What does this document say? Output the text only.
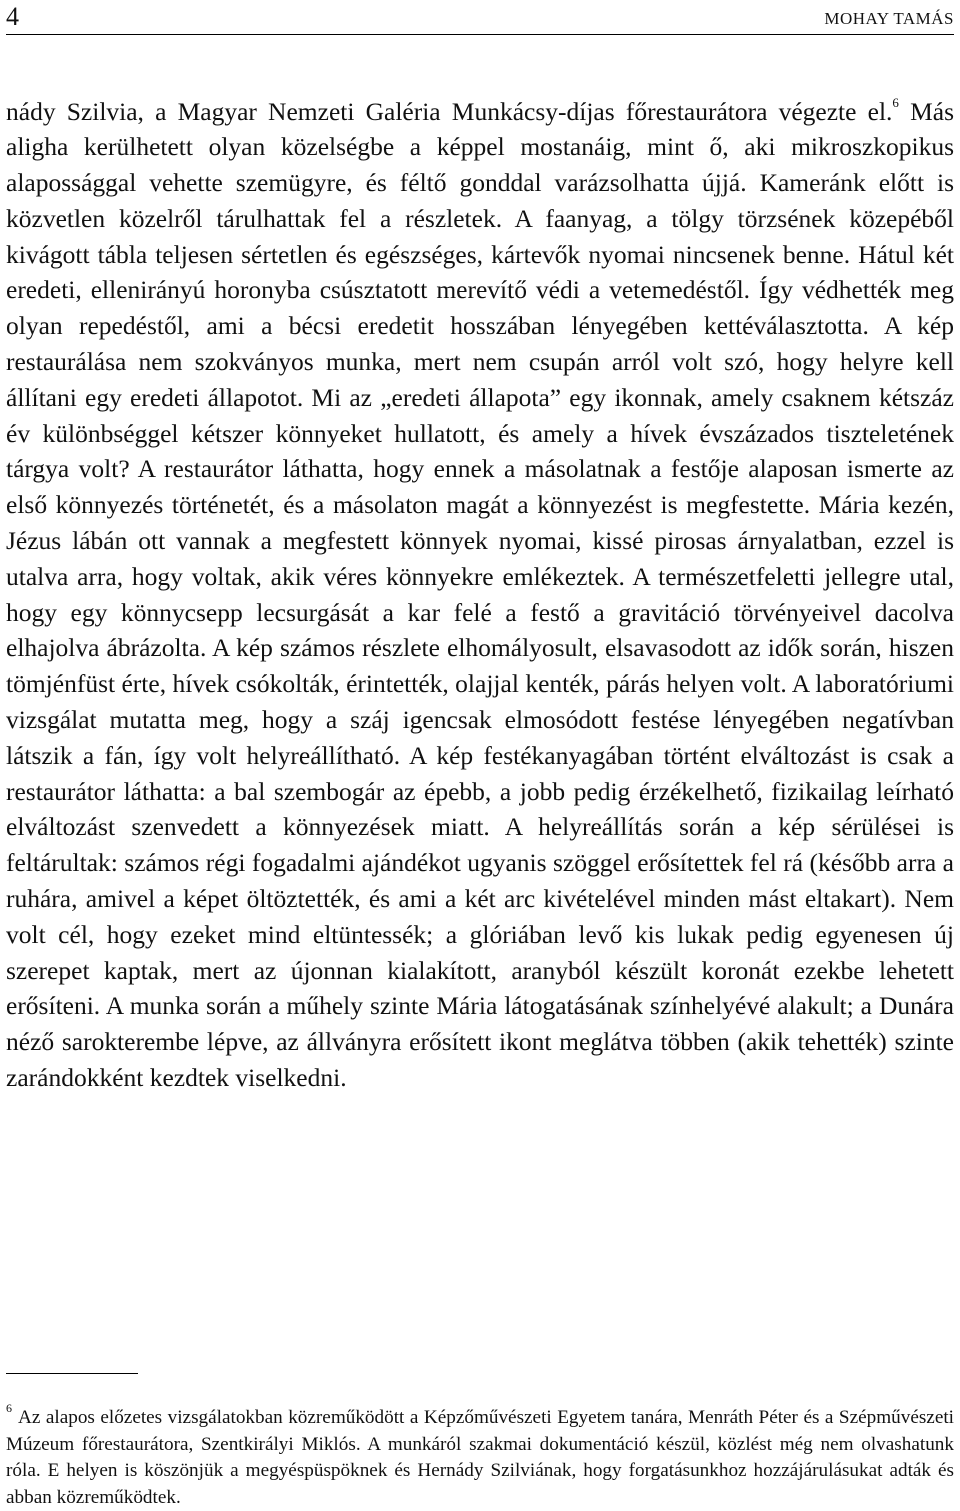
4	MOHAY TAMÁS

nády Szilvia, a Magyar Nemzeti Galéria Munkácsy-díjas főrestaurátora végezte el.$^6$ Más aligha kerülhetett olyan közelségbe a képpel mostanáig, mint ő, aki mikroszkopikus alapossággal vehette szemügyre, és féltő gonddal varázsolhatta újjá. Kameránk előtt is közvetlen közelről tárulhattak fel a részletek. A faanyag, a tölgy törzsének közepéből kivágott tábla teljesen sértetlen és egészséges, kártevők nyomai nincsenek benne. Hátul két eredeti, ellenirányú horonyba csúsztatott merevítő védi a vetemedéstől. Így védhették meg olyan repedéstől, ami a bécsi eredetit hosszában lényegében kettéválasztotta. A kép restaurálása nem szokványos munka, mert nem csupán arról volt szó, hogy helyre kell állítani egy eredeti állapotot. Mi az „eredeti állapota” egy ikonnak, amely csaknem kétszáz év különbséggel kétszer könnyeket hullatott, és amely a hívek évszázados tiszteletének tárgya volt? A restaurátor láthatta, hogy ennek a másolatnak a festője alaposan ismerte az első könnyezés történetét, és a másolaton magát a könnyezést is megfestette. Mária kezén, Jézus lábán ott vannak a megfestett könnyek nyomai, kissé pirosas árnyalatban, ezzel is utalva arra, hogy voltak, akik véres könnyekre emlékeztek. A természetfeletti jellegre utal, hogy egy könnycsepp lecsurgását a kar felé a festő a gravitáció törvényeivel dacolva elhajolva ábrázolta. A kép számos részlete elhomályosult, elsavasodott az idők során, hiszen tömjénfüst érte, hívek csókolták, érintették, olajjal kenték, párás helyen volt. A laboratóriumi vizsgálat mutatta meg, hogy a száj igencsak elmosódott festése lényegében negatívban látszik a fán, így volt helyreállítható. A kép festékanyagában történt elváltozást is csak a restaurátor láthatta: a bal szembogár az épebb, a jobb pedig érzékelhető, fizikailag leírható elváltozást szenvedett a könnyezések miatt. A helyreállítás során a kép sérülései is feltárultak: számos régi fogadalmi ajándékot ugyanis szöggel erősítettek fel rá (később arra a ruhára, amivel a képet öltöztették, és ami a két arc kivételével minden mást eltakart). Nem volt cél, hogy ezeket mind eltüntessék; a glóriában levő kis lukak pedig egyenesen új szerepet kaptak, mert az újonnan kialakított, aranyból készült koronát ezekbe lehetett erősíteni. A munka során a műhely szinte Mária látogatásának színhelyévé alakult; a Dunára néző sarokterembe lépve, az állványra erősített ikont meglátva többen (akik tehették) szinte zarándokként kezdtek viselkedni.

$^6$ Az alapos előzetes vizsgálatokban közreműködött a Képzőművészeti Egyetem tanára, Menráth Péter és a Szépművészeti Múzeum főrestaurátora, Szentkirályi Miklós. A munkáról szakmai dokumentáció készül, közlést még nem olvashatunk róla. E helyen is köszönjük a megyéspüspöknek és Hernády Szilviának, hogy forgatásunkhoz hozzájárulásukat adták és abban közreműködtek.
